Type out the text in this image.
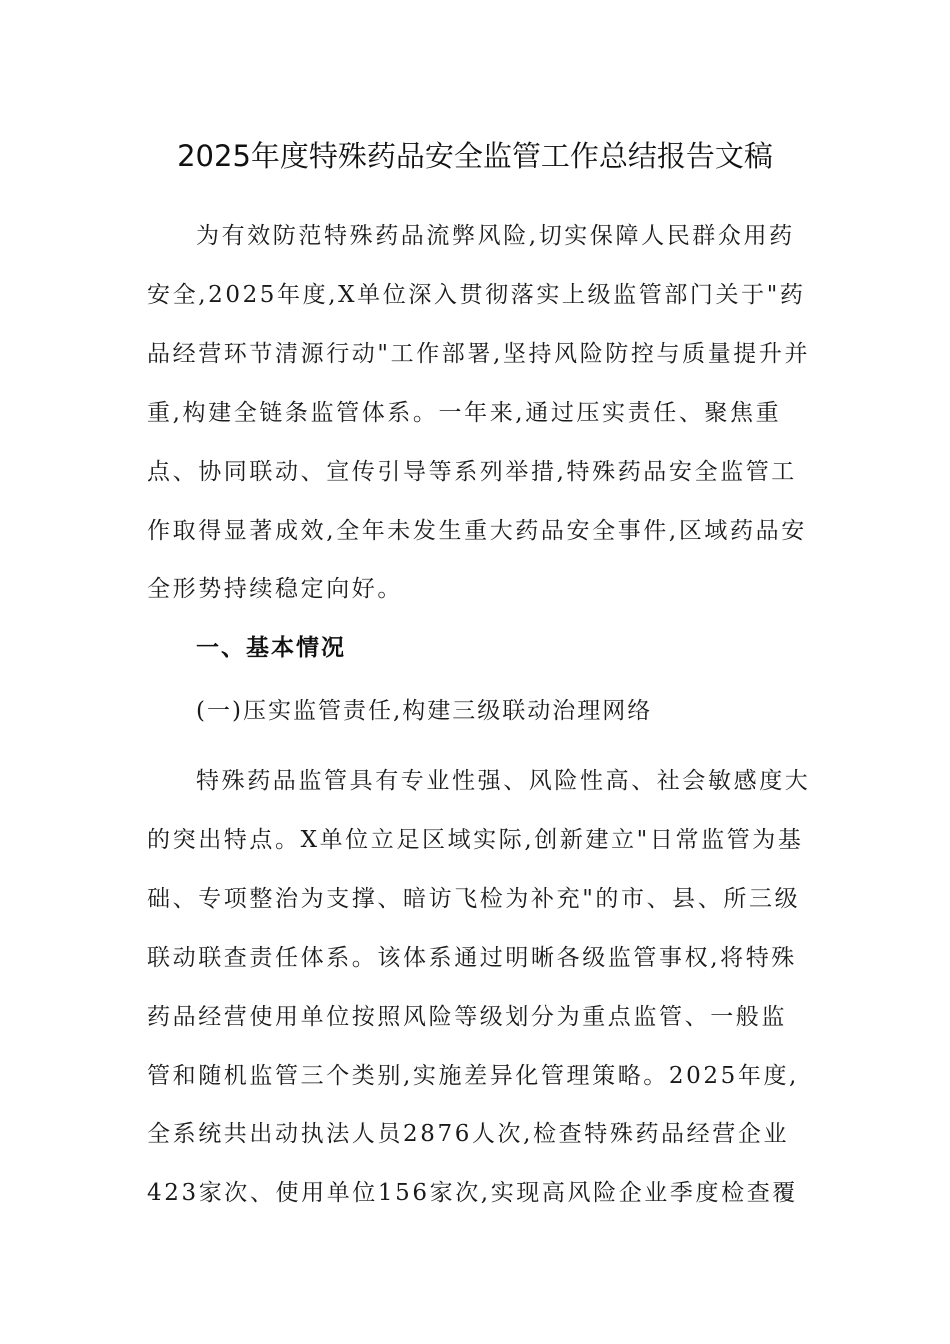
2025年度特殊药品安全监管工作总结报告文稿

为有效防范特殊药品流弊风险,切实保障人民群众用药安全,2025年度,X单位深入贯彻落实上级监管部门关于"药品经营环节清源行动"工作部署,坚持风险防控与质量提升并重,构建全链条监管体系。一年来,通过压实责任、聚焦重点、协同联动、宣传引导等系列举措,特殊药品安全监管工作取得显著成效,全年未发生重大药品安全事件,区域药品安全形势持续稳定向好。

一、基本情况
(一)压实监管责任,构建三级联动治理网络

特殊药品监管具有专业性强、风险性高、社会敏感度大的突出特点。X单位立足区域实际,创新建立"日常监管为基础、专项整治为支撑、暗访飞检为补充"的市、县、所三级联动联查责任体系。该体系通过明晰各级监管事权,将特殊药品经营使用单位按照风险等级划分为重点监管、一般监管和随机监管三个类别,实施差异化管理策略。2025年度,全系统共出动执法人员2876人次,检查特殊药品经营企业423家次、使用单位156家次,实现高风险企业季度检查覆
